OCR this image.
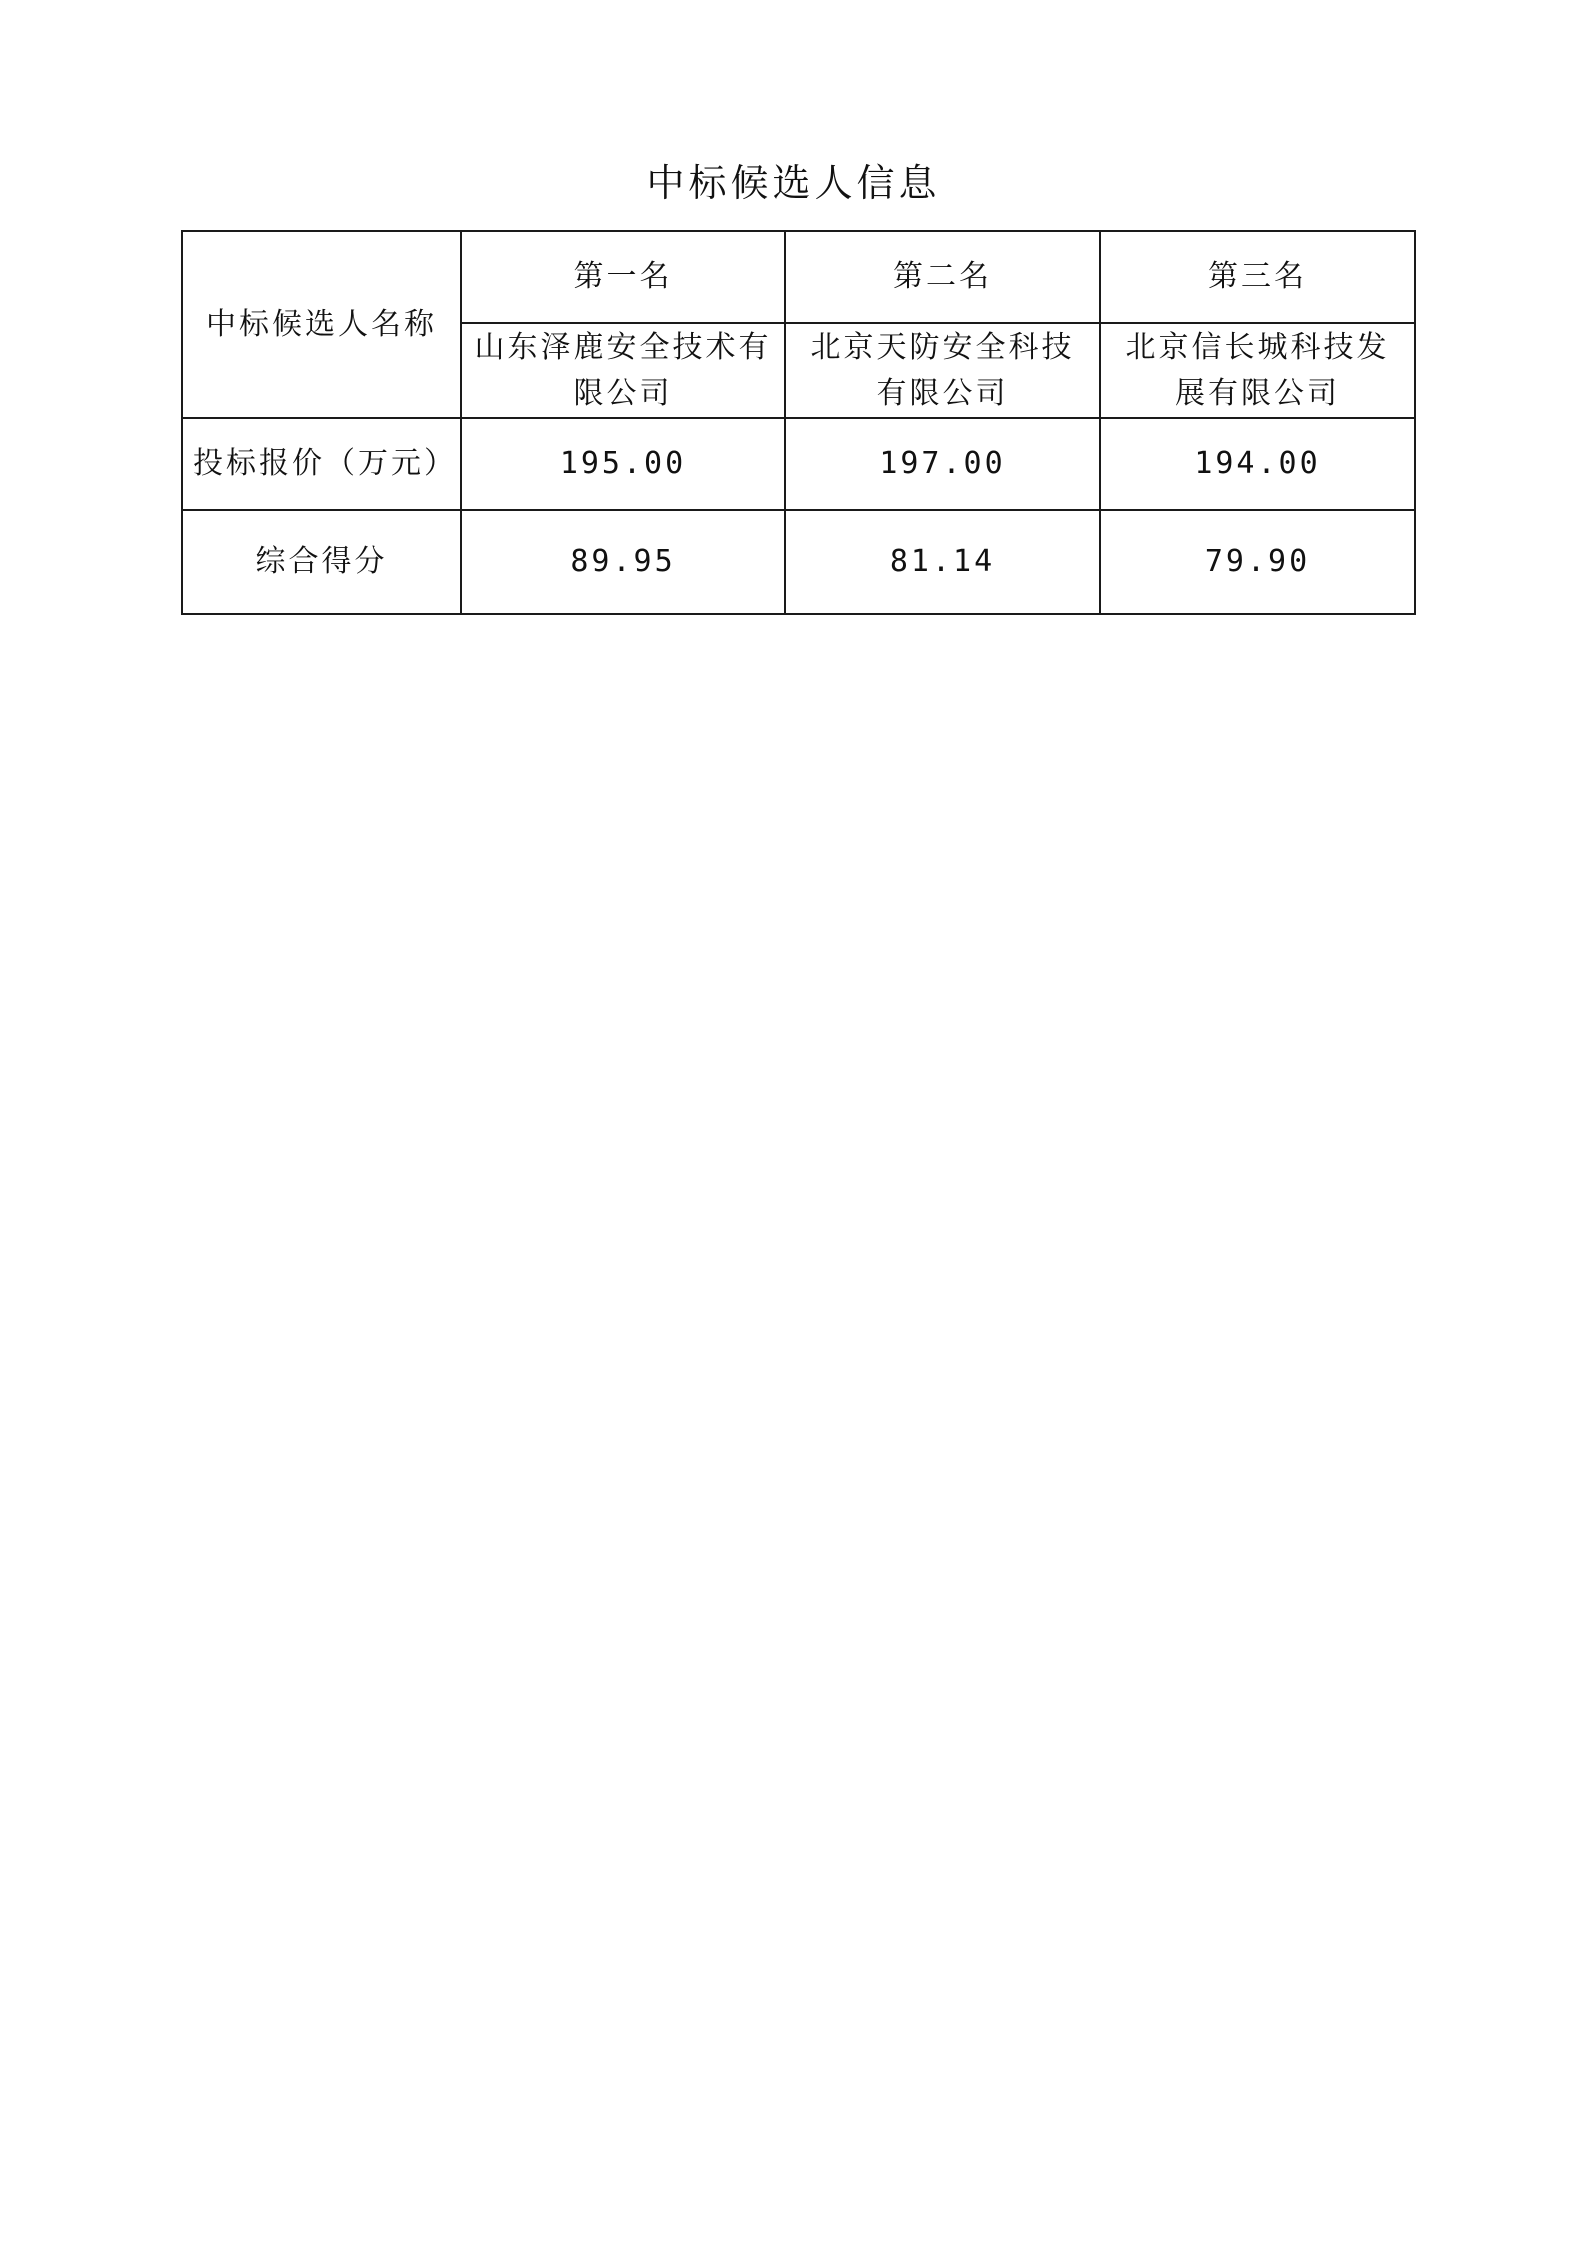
中标候选人信息
中标候选人名称	第一名	第二名	第三名
	山东泽鹿安全技术有限公司	北京天防安全科技有限公司	北京信长城科技发展有限公司
投标报价（万元）	195.00	197.00	194.00
综合得分	89.95	81.14	79.90
